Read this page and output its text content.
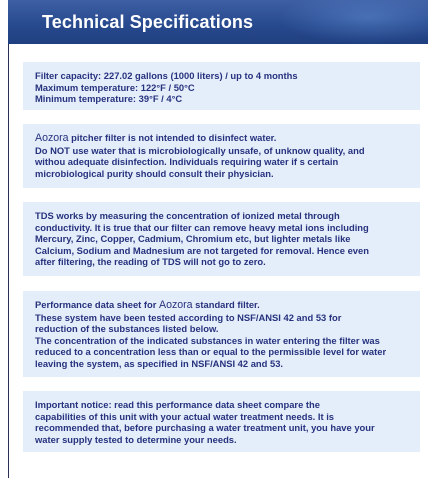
Technical Specifications
Filter capacity: 227.02 gallons (1000 liters) / up to 4 months
Maximum temperature: 122°F / 50°C
Minimum temperature: 39°F / 4°C
Aozora pitcher filter is not intended to disinfect water.
Do NOT use water that is microbiologically unsafe, of unknow quality, and
withou adequate disinfection. Individuals requiring water if s certain
microbiological purity should consult their physician.
TDS works by measuring the concentration of ionized metal through
conductivity. It is true that our filter can remove heavy metal ions including
Mercury, Zinc, Copper, Cadmium, Chromium etc, but lighter metals like
Calcium, Sodium and Madnesium are not targeted for removal. Hence even
after filtering, the reading of TDS will not go to zero.
Performance data sheet for Aozora standard filter.
These system have been tested according to NSF/ANSI 42 and 53 for
reduction of the substances listed below.
The concentration of the indicated substances in water entering the filter was
reduced to a concentration less than or equal to the permissible level for water
leaving the system, as specified in NSF/ANSI 42 and 53.
Important notice: read this performance data sheet compare the
capabilities of this unit with your actual water treatment needs. It is
recommended that, before purchasing a water treatment unit, you have your
water supply tested to determine your needs.
